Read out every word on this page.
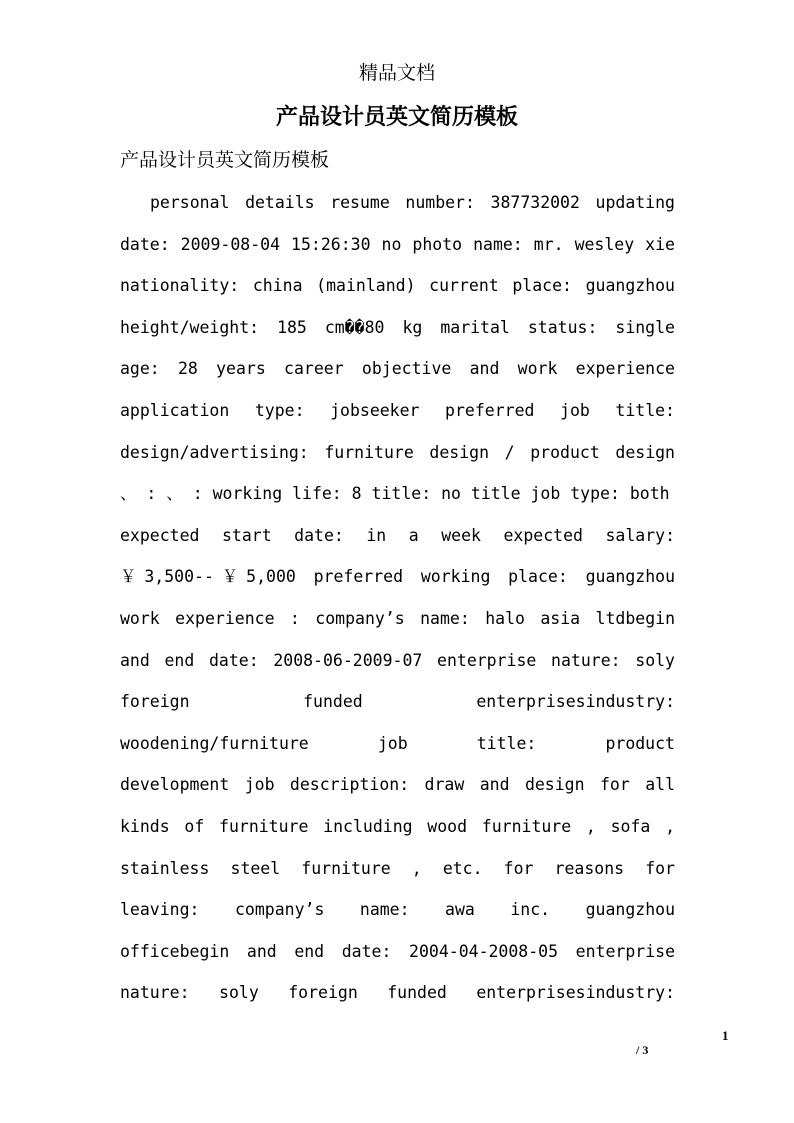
精品文档
产品设计员英文简历模板
产品设计员英文简历模板
personal details resume number: 387732002 updating
date: 2009-08-04 15:26:30 no photo name: mr. wesley xie
nationality: china (mainland) current place: guangzhou
height/weight: 185 cm��80 kg marital status: single
age: 28 years career objective and work experience
application type: jobseeker preferred job title:
design/advertising: furniture design / product design
、 : 、 : working life: 8 title: no title job type: both
expected start date: in a week expected salary:
￥3,500--￥5,000 preferred working place: guangzhou
work experience : company’s name: halo asia ltdbegin
and end date: 2008-06-2009-07 enterprise nature: soly
foreign funded enterprisesindustry:
woodening/furniture job title: product
development job description: draw and design for all
kinds of furniture including wood furniture , sofa ,
stainless steel furniture , etc. for reasons for
leaving: company’s name: awa inc. guangzhou
officebegin and end date: 2004-04-2008-05 enterprise
nature: soly foreign funded enterprisesindustry:
1
/ 3
